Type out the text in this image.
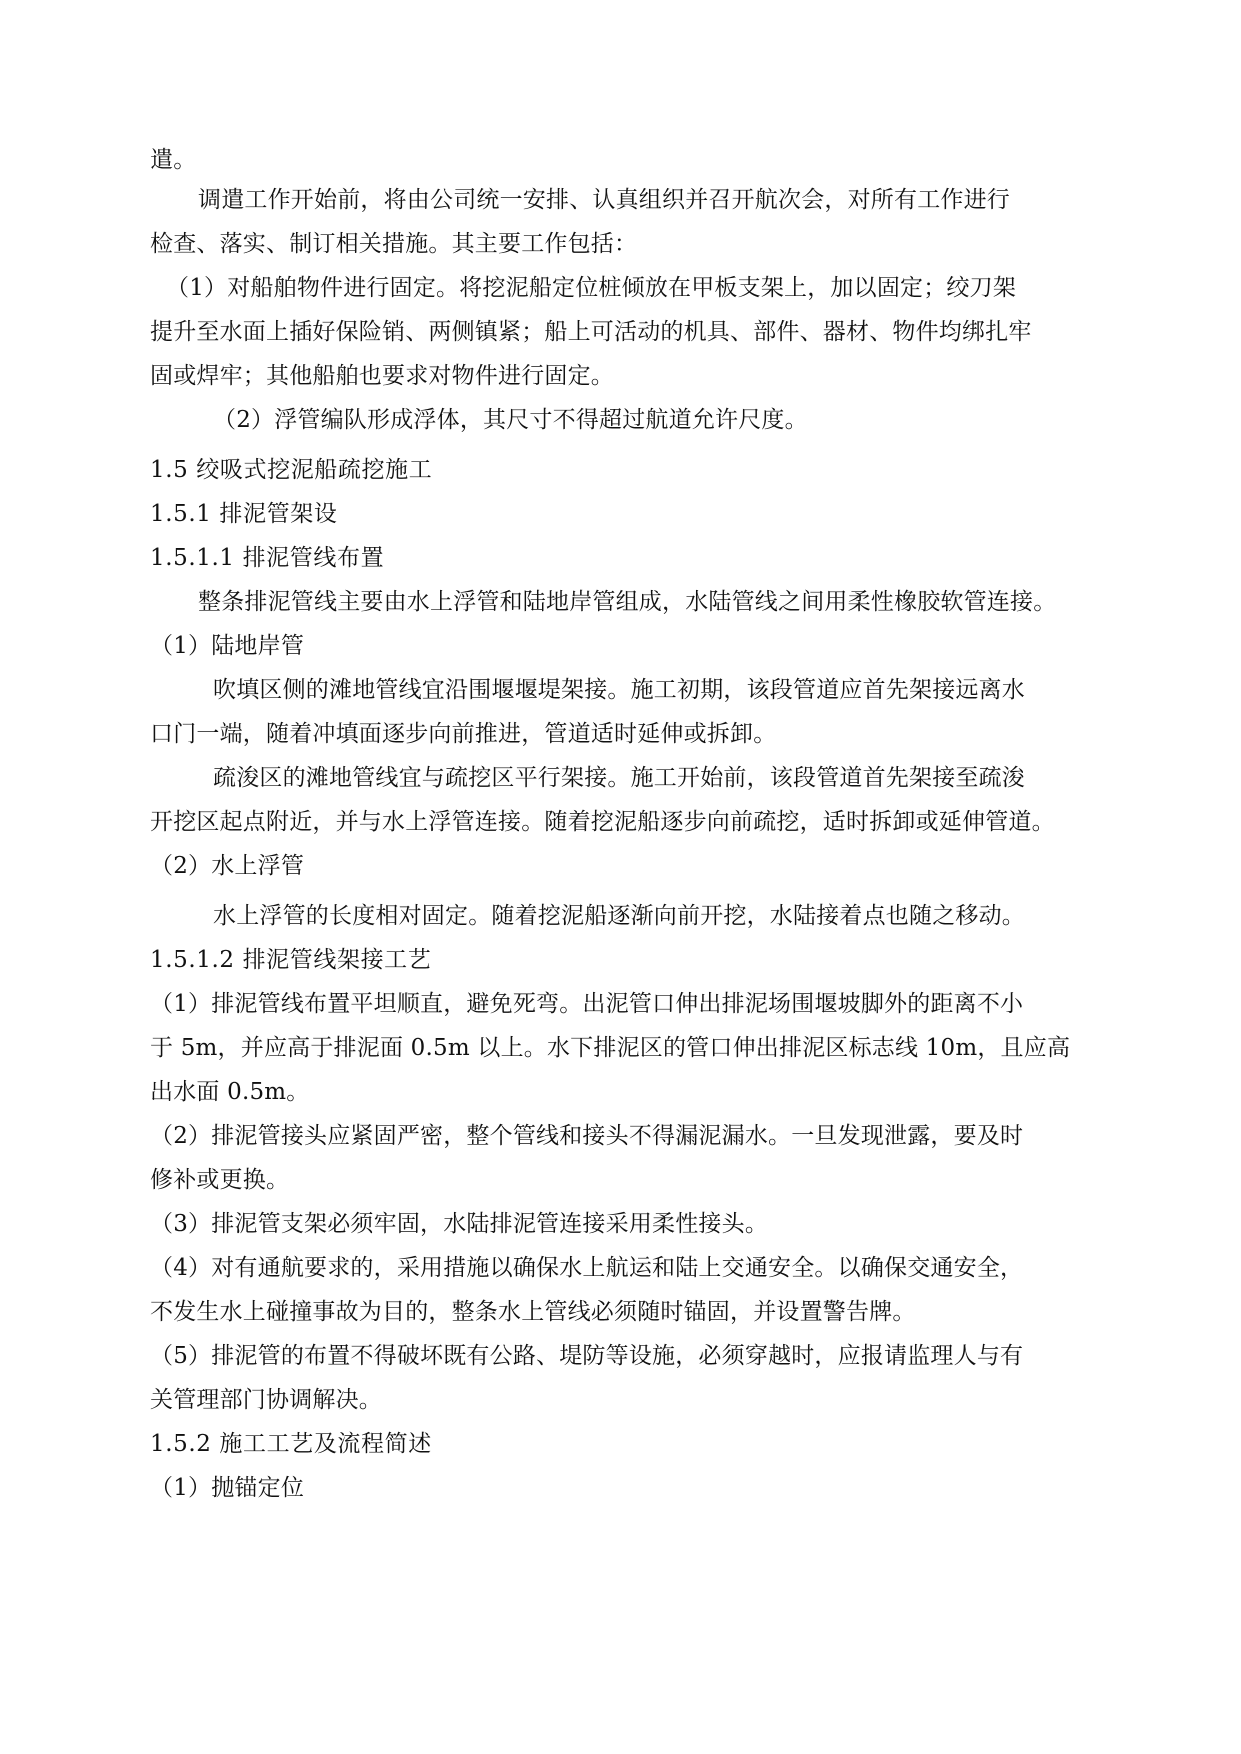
遣。
调遣工作开始前，将由公司统一安排、认真组织并召开航次会，对所有工作进行
检查、落实、制订相关措施。其主要工作包括：
（1）对船舶物件进行固定。将挖泥船定位桩倾放在甲板支架上，加以固定；绞刀架
提升至水面上插好保险销、两侧镇紧；船上可活动的机具、部件、器材、物件均绑扎牢
固或焊牢；其他船舶也要求对物件进行固定。
（2）浮管编队形成浮体，其尺寸不得超过航道允许尺度。
1.5 绞吸式挖泥船疏挖施工
1.5.1 排泥管架设
1.5.1.1 排泥管线布置
整条排泥管线主要由水上浮管和陆地岸管组成，水陆管线之间用柔性橡胶软管连接。
（1）陆地岸管
吹填区侧的滩地管线宜沿围堰堰堤架接。施工初期，该段管道应首先架接远离水
口门一端，随着冲填面逐步向前推进，管道适时延伸或拆卸。
疏浚区的滩地管线宜与疏挖区平行架接。施工开始前，该段管道首先架接至疏浚
开挖区起点附近，并与水上浮管连接。随着挖泥船逐步向前疏挖，适时拆卸或延伸管道。
（2）水上浮管
水上浮管的长度相对固定。随着挖泥船逐渐向前开挖，水陆接着点也随之移动。
1.5.1.2 排泥管线架接工艺
（1）排泥管线布置平坦顺直，避免死弯。出泥管口伸出排泥场围堰坡脚外的距离不小
于 5m，并应高于排泥面 0.5m 以上。水下排泥区的管口伸出排泥区标志线 10m，且应高
出水面 0.5m。
（2）排泥管接头应紧固严密，整个管线和接头不得漏泥漏水。一旦发现泄露，要及时
修补或更换。
（3）排泥管支架必须牢固，水陆排泥管连接采用柔性接头。
（4）对有通航要求的，采用措施以确保水上航运和陆上交通安全。以确保交通安全，
不发生水上碰撞事故为目的，整条水上管线必须随时锚固，并设置警告牌。
（5）排泥管的布置不得破坏既有公路、堤防等设施，必须穿越时，应报请监理人与有
关管理部门协调解决。
1.5.2 施工工艺及流程简述
（1）抛锚定位
